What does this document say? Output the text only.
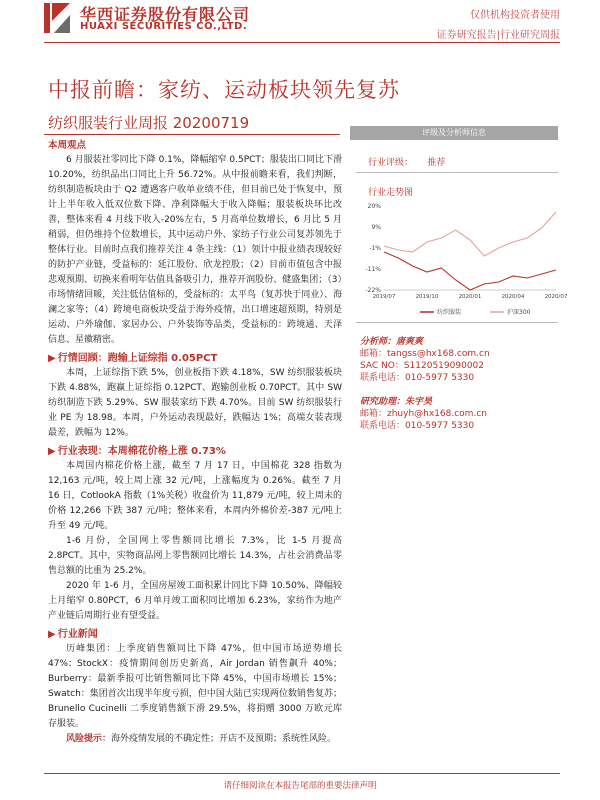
华西证券股份有限公司
HUAXI SECURITIES CO.,LTD.
仅供机构投资者使用
证券研究报告|行业研究周报
中报前瞻：家纺、运动板块领先复苏
纺织服装行业周报 20200719
本周观点

6 月服装社零同比下降 0.1%，降幅缩窄 0.5PCT；服装出口同比下滑 10.20%，纺织品出口同比上升 56.72%。从中报前瞻来看，我们判断，纺织制造板块由于 Q2 遭遇客户收单业绩不佳，但目前已处于恢复中，预计上半年收入低双位数下降、净利降幅大于收入降幅；服装板块环比改善，整体来看 4 月线下收入-20%左右，5 月高单位数增长，6 月比 5 月稍弱，但仍维持个位数增长，其中运动户外、家纺子行业公司复苏领先于整体行业。目前时点我们推荐关注 4 条主线：（1）领计中报业绩表现较好的防护产业链，受益标的：延江股份、欣龙控股；（2）目前市值包含中报悲观预期、切换来看明年估值具备吸引力，推荐开润股份、健盛集团；（3）市场情绪回暖，关注低估值标的，受益标的：太平鸟（复苏快于同业）、海澜之家等；（4）跨境电商板块受益于海外疫情，出口增速超预期，特别是运动、户外瑜伽、家居办公、户外装饰等品类，受益标的：跨境通、天泽信息、星徽精密。

▶ 行情回顾：跑输上证综指 0.05PCT

本周，上证综指下跌 5%，创业板指下跌 4.18%，SW 纺织服装板块下跌 4.88%，跑赢上证综指 0.12PCT、跑输创业板 0.70PCT。其中 SW 纺织制造下跌 5.29%、SW 服装家纺下跌 4.70%。目前 SW 纺织服装行业 PE 为 18.98。本周，户外运动表现最好，跌幅达 1%；高端女装表现最差，跌幅为 12%。

▶ 行业表现：本周棉花价格上涨 0.73%

本周国内棉花价格上涨，截至 7 月 17 日，中国棉花 328 指数为 12,163 元/吨，较上周上涨 32 元/吨，上涨幅度为 0.26%。截至 7 月 16 日，CotlookA 指数（1%关税）收盘价为 11,879 元/吨，较上周末的价格 12,266 下跌 387 元/吨；整体来看，本周内外棉价差-387 元/吨上升至 49 元/吨。

1-6 月份，全国网上零售额同比增长 7.3%，比 1-5 月提高 2.8PCT。其中，实物商品网上零售额同比增长 14.3%，占社会消费品零售总额的比重为 25.2%。

2020 年 1-6 月，全国房屋竣工面积累计同比下降 10.50%、降幅较上月缩窄 0.80PCT，6 月单月竣工面积同比增加 6.23%，家纺作为地产产业链后周期行业有望受益。

▶ 行业新闻

历峰集团：上季度销售额同比下降 47%，但中国市场逆势增长 47%；StockX：疫情期间创历史新高，Air Jordan 销售飙升 40%；Burberry：最新季报可比销售额同比下降 45%，中国市场增长 15%；Swatch：集团首次出现半年度亏损，但中国大陆已实现两位数销售复苏；Brunello Cucinelli 二季度销售额下滑 29.5%，将捐赠 3000 万欧元库存服装。

风险提示：海外疫情发展的不确定性；开店不及预期；系统性风险。

评级及分析师信息
行业评级： 推荐
行业走势图
20%
9%
-1%
-11%
-22%
2019/07	2019/10	2020/01	2020/04	2020/07
纺织服装	沪深300
分析师：唐爽爽
邮箱：tangss@hx168.com.cn
SAC NO：S1120519090002
联系电话：010-5977 5330
研究助理：朱宇昊
邮箱：zhuyh@hx168.com.cn
联系电话：010-5977 5330
请仔细阅读在本报告尾部的重要法律声明
